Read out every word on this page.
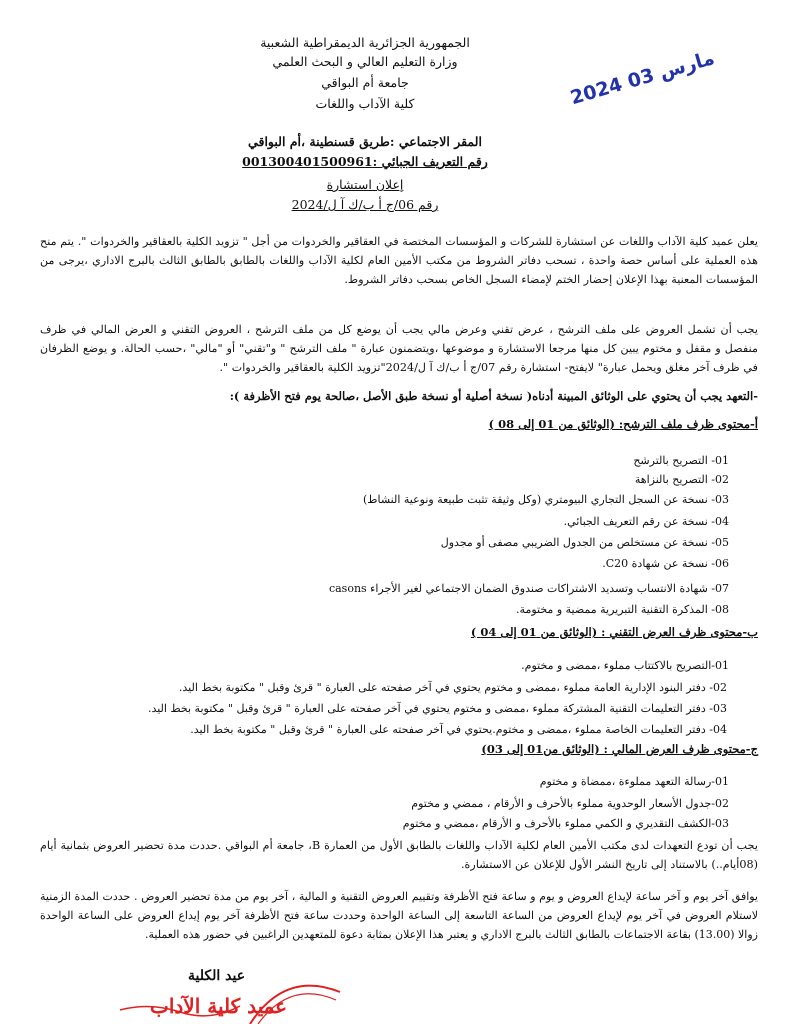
الجمهورية الجزائرية الديمقراطية الشعبية
وزارة التعليم العالي و البحث العلمي
جامعة أم البواقي
كلية الآداب واللغات	2024 مارس 03
المقر الاجتماعي :طريق قسنطينة ،أم البواقي
رقم التعريف الجبائي :001300401500961
إعلان استشارة
رقم 06/ج أ ب/ك آ ل/2024
يعلن عميد كلية الآداب واللغات عن استشارة للشركات و المؤسسات المختصة في العقاقير والخردوات من أجل " تزويد الكلية بالعقاقير والخردوات ". يتم منح هذه العملية على أساس حصة واحدة ، تسحب دفاتر الشروط من مكتب الأمين العام لكلية الآداب واللغات بالطابق بالطابق الثالث بالبرج الاداري ،يرجى من المؤسسات المعنية بهذا الإعلان إحضار الختم لإمضاء السجل الخاص بسحب دفاتر الشروط.
يجب أن تشمل العروض على ملف الترشح ، عرض تقني وعرض مالي يجب أن يوضع كل من ملف الترشح ، العروض التقني و العرض المالي في ظرف منفصل و مقفل و مختوم يبين كل منها مرجعا الاستشارة و موضوعها ،ويتضمنون عبارة " ملف الترشح " و"تقني" أو "مالي" ،حسب الحالة. و يوضع الظرفان في ظرف آخر مغلق ويحمل عبارة" لايفتح- استشارة رقم 07/ج أ ب/ك آ ل/2024"تزويد الكلية بالعقاقير والخردوات ".
-التعهد يجب أن يحتوي على الوثائق المبينة أدناه( نسخة أصلية أو نسخة طبق الأصل ،صالحة يوم فتح الأظرفة ):
أ-محتوى ظرف ملف الترشح: (الوثائق من 01 إلى 08 )
01- التصريح بالترشح
02- التصريح بالنزاهة
03- نسخة عن السجل التجاري البيومتري (وكل وثيقة تثبت طبيعة ونوعية النشاط)
04- نسخة عن رقم التعريف الجبائي.
05- نسخة عن مستخلص من الجدول الضريبي مصفى أو مجدول
06- نسخة عن شهادة C20.
07- شهادة الانتساب وتسديد الاشتراكات صندوق الضمان الاجتماعي لغير الأجراء casons
08- المذكرة التقنية التبريرية ممضية و مختومة.
ب-محتوى ظرف العرض التقني : (الوثائق من 01 إلى 04 )
01-التصريح بالاكتتاب مملوء ،ممضى و مختوم.
02- دفتر البنود الإدارية العامة مملوء ،ممضى و مختوم يحتوي في آخر صفحته على العبارة " قرئ وقبل " مكتوبة بخط اليد.
03- دفتر التعليمات التقنية المشتركة مملوء ،ممضى و مختوم يحتوي في آخر صفحته على العبارة " قرئ وقبل " مكتوبة بخط اليد.
04- دفتر التعليمات الخاصة مملوء ،ممضى و مختوم.يحتوي في آخر صفحته على العبارة " قرئ وقبل " مكتوبة بخط اليد.
ج-محتوى ظرف العرض المالي : (الوثائق من01 إلى 03)
01-رسالة التعهد مملوءة ،ممضاة و مختوم
02-جدول الأسعار الوحدوية مملوء بالأحرف و الأرقام ، ممضي و مختوم
03-الكشف التقديري و الكمي مملوء بالأحرف و الأرقام ،ممضي و مختوم
يجب أن تودع التعهدات لدى مكتب الأمين العام لكلية الآداب واللغات بالطابق الأول من العمارة B، جامعة أم البواقي .حددت مدة تحضير العروض بثمانية أيام (08أيام..) بالاستناد إلى تاريخ النشر الأول للإعلان عن الاستشارة.
يوافق آخر يوم و آخر ساعة لإيداع العروض و يوم و ساعة فتح الأظرفة وتقييم العروض التقنية و المالية ، آخر يوم من مدة تحضير العروض . حددت المدة الزمنية لاستلام العروض في آخر يوم لإيداع العروض من الساعة التاسعة إلى الساعة الواحدة وحددت ساعة فتح الأظرفة آخر يوم إيداع العروض على الساعة الواحدة زوالا (13.00) بقاعة الاجتماعات بالطابق الثالث بالبرج الاداري و يعتبر هذا الإعلان بمثابة دعوة للمتعهدين الراغبين في حضور هذه العملية.
عيد الكلية
عميد كلية الآداب
